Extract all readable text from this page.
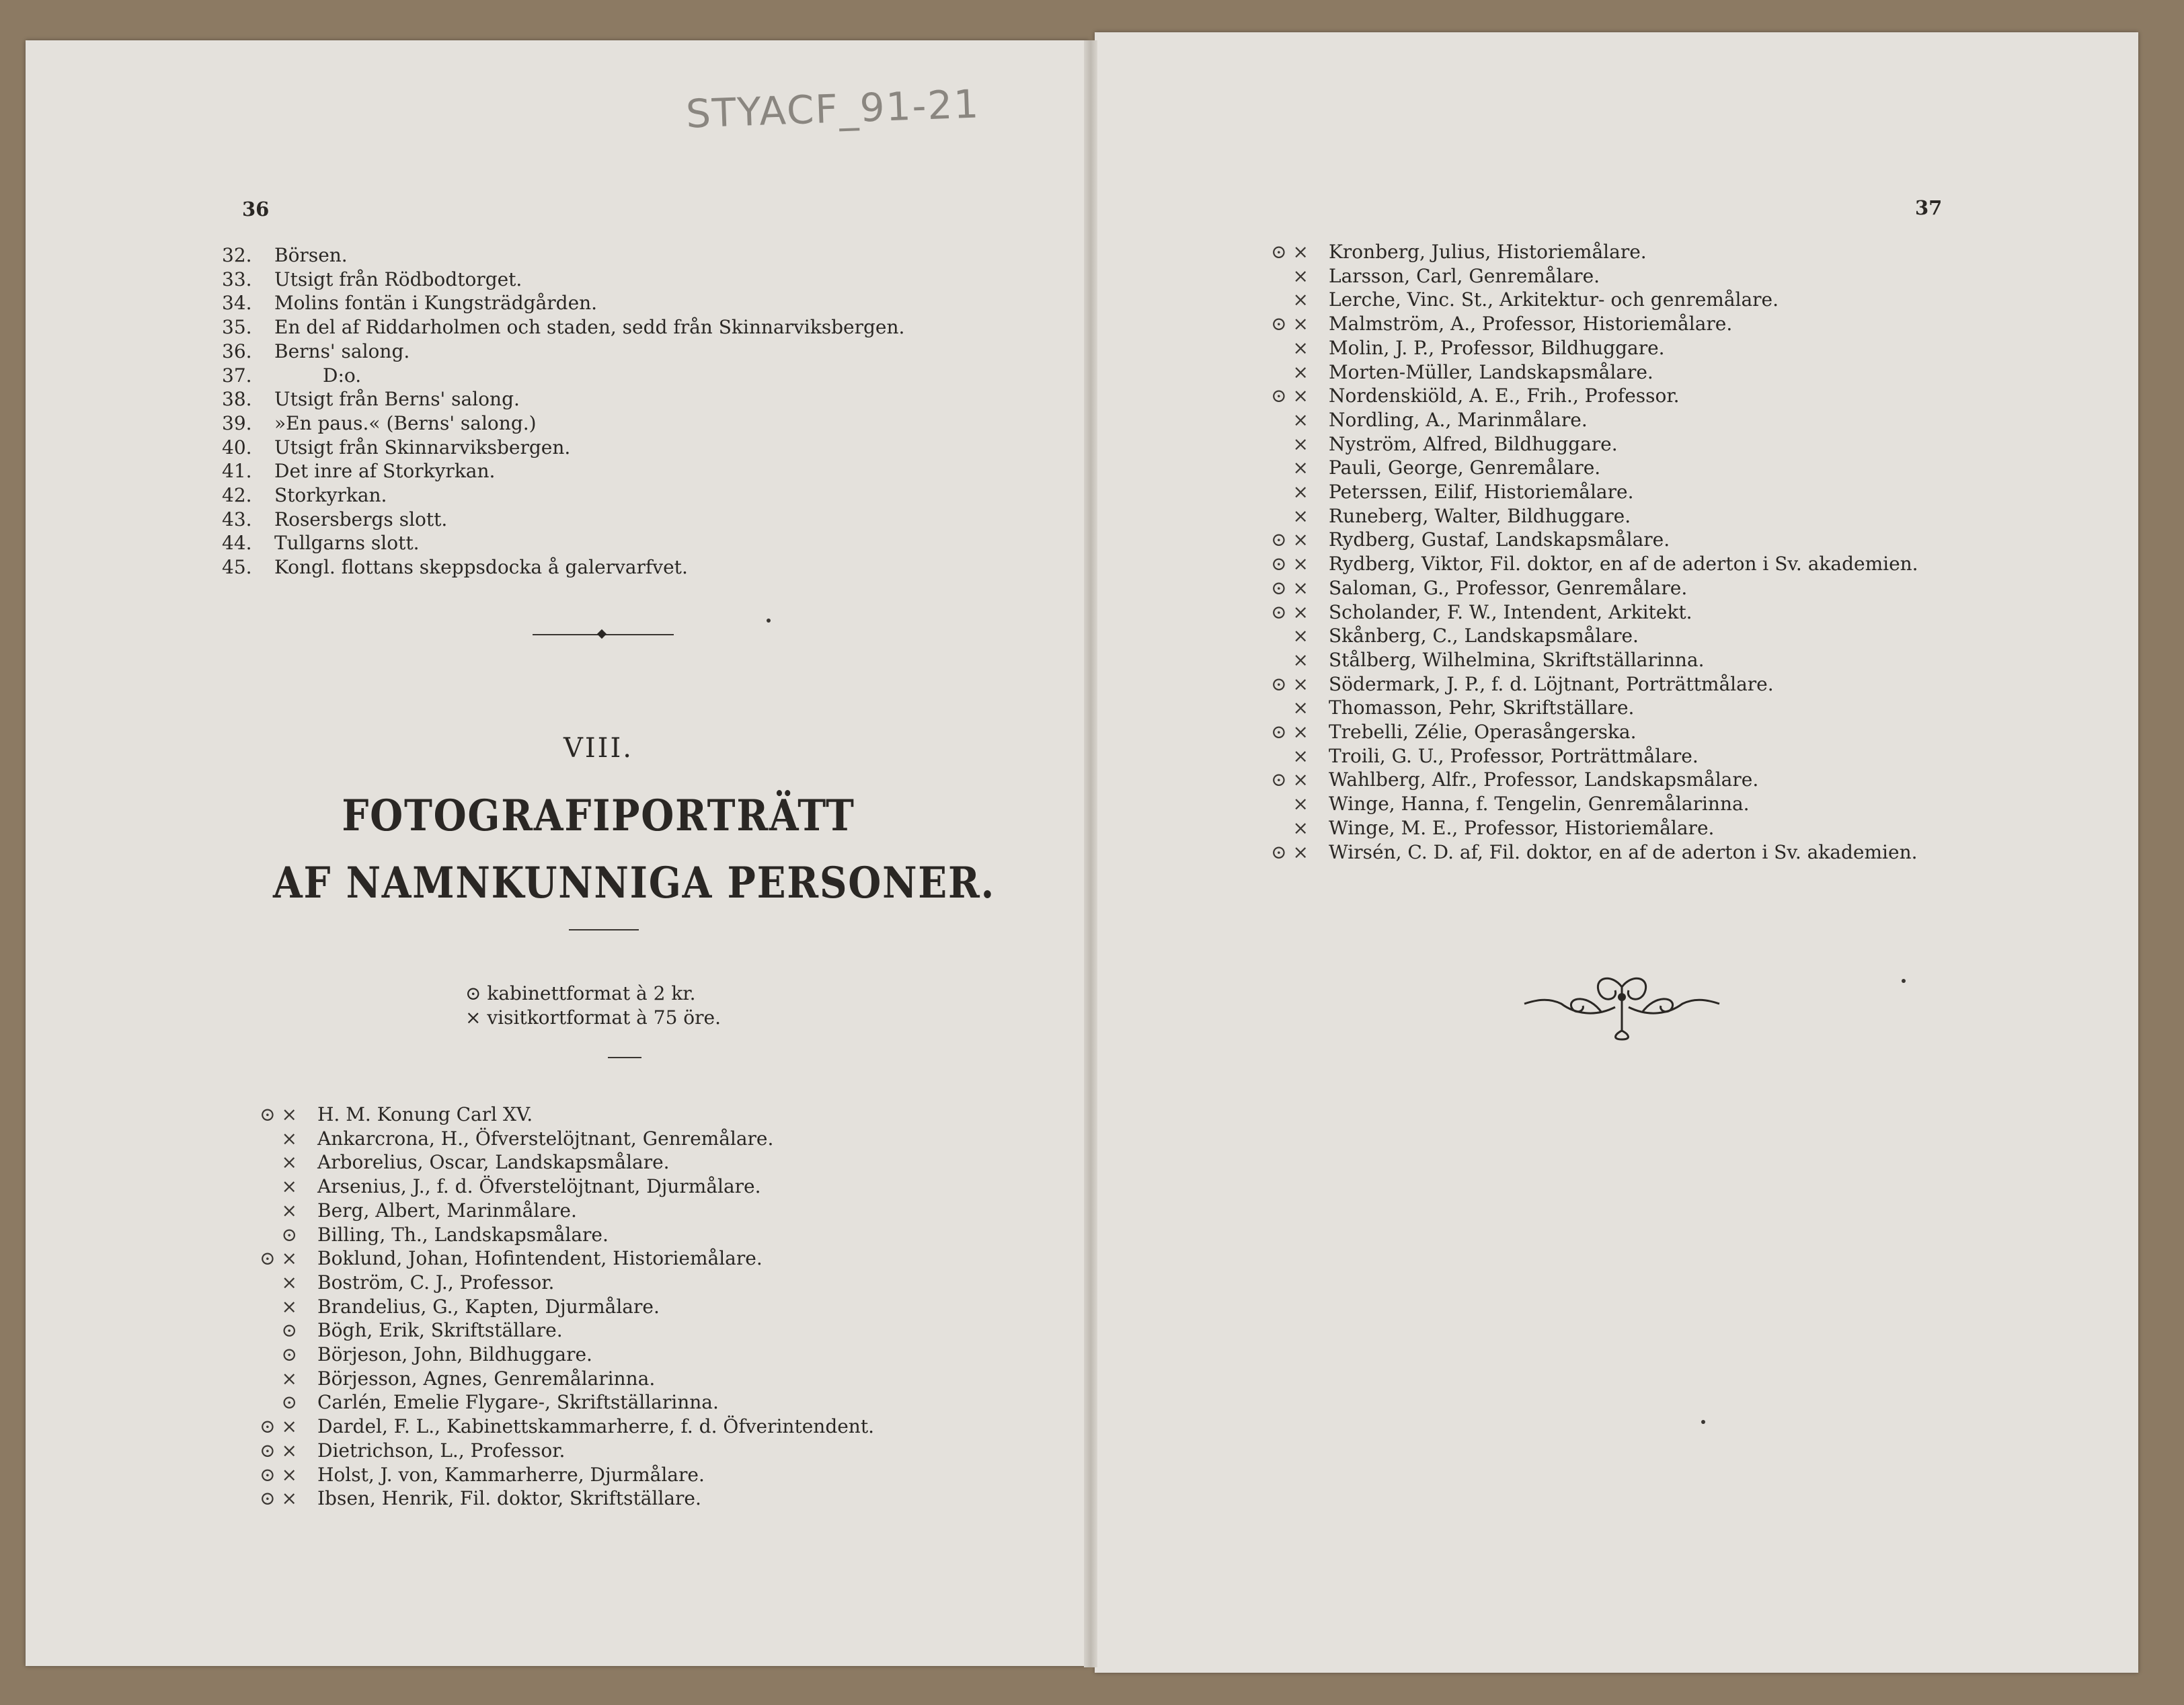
STYACF_91-21
36
32.	Börsen.
33.	Utsigt från Rödbodtorget.
34.	Molins fontän i Kungsträdgården.
35.	En del af Riddarholmen och staden, sedd från Skinnarviksbergen.
36.	Berns' salong.
37.	D:o.
38.	Utsigt från Berns' salong.
39.	»En paus.« (Berns' salong.)
40.	Utsigt från Skinnarviksbergen.
41.	Det inre af Storkyrkan.
42.	Storkyrkan.
43.	Rosersbergs slott.
44.	Tullgarns slott.
45.	Kongl. flottans skeppsdocka å galervarfvet.
VIII.
FOTOGRAFIPORTRÄTT
AF NAMNKUNNIGA PERSONER.
⊙ kabinettformat à 2 kr.
× visitkortformat à 75 öre.
⊙ ×	H. M. Konung Carl XV.
×	Ankarcrona, H., Öfverstelöjtnant, Genremålare.
×	Arborelius, Oscar, Landskapsmålare.
×	Arsenius, J., f. d. Öfverstelöjtnant, Djurmålare.
×	Berg, Albert, Marinmålare.
⊙	Billing, Th., Landskapsmålare.
⊙ ×	Boklund, Johan, Hofintendent, Historiemålare.
×	Boström, C. J., Professor.
×	Brandelius, G., Kapten, Djurmålare.
⊙	Bögh, Erik, Skriftställare.
⊙	Börjeson, John, Bildhuggare.
×	Börjesson, Agnes, Genremålarinna.
⊙	Carlén, Emelie Flygare-, Skriftställarinna.
⊙ ×	Dardel, F. L., Kabinettskammarherre, f. d. Öfverintendent.
⊙ ×	Dietrichson, L., Professor.
⊙ ×	Holst, J. von, Kammarherre, Djurmålare.
⊙ ×	Ibsen, Henrik, Fil. doktor, Skriftställare.
37
⊙ ×	Kronberg, Julius, Historiemålare.
×	Larsson, Carl, Genremålare.
×	Lerche, Vinc. St., Arkitektur- och genremålare.
⊙ ×	Malmström, A., Professor, Historiemålare.
×	Molin, J. P., Professor, Bildhuggare.
×	Morten-Müller, Landskapsmålare.
⊙ ×	Nordenskiöld, A. E., Frih., Professor.
×	Nordling, A., Marinmålare.
×	Nyström, Alfred, Bildhuggare.
×	Pauli, George, Genremålare.
×	Peterssen, Eilif, Historiemålare.
×	Runeberg, Walter, Bildhuggare.
⊙ ×	Rydberg, Gustaf, Landskapsmålare.
⊙ ×	Rydberg, Viktor, Fil. doktor, en af de aderton i Sv. akademien.
⊙ ×	Saloman, G., Professor, Genremålare.
⊙ ×	Scholander, F. W., Intendent, Arkitekt.
×	Skånberg, C., Landskapsmålare.
×	Stålberg, Wilhelmina, Skriftställarinna.
⊙ ×	Södermark, J. P., f. d. Löjtnant, Porträttmålare.
×	Thomasson, Pehr, Skriftställare.
⊙ ×	Trebelli, Zélie, Operasångerska.
×	Troili, G. U., Professor, Porträttmålare.
⊙ ×	Wahlberg, Alfr., Professor, Landskapsmålare.
×	Winge, Hanna, f. Tengelin, Genremålarinna.
×	Winge, M. E., Professor, Historiemålare.
⊙ ×	Wirsén, C. D. af, Fil. doktor, en af de aderton i Sv. akademien.
